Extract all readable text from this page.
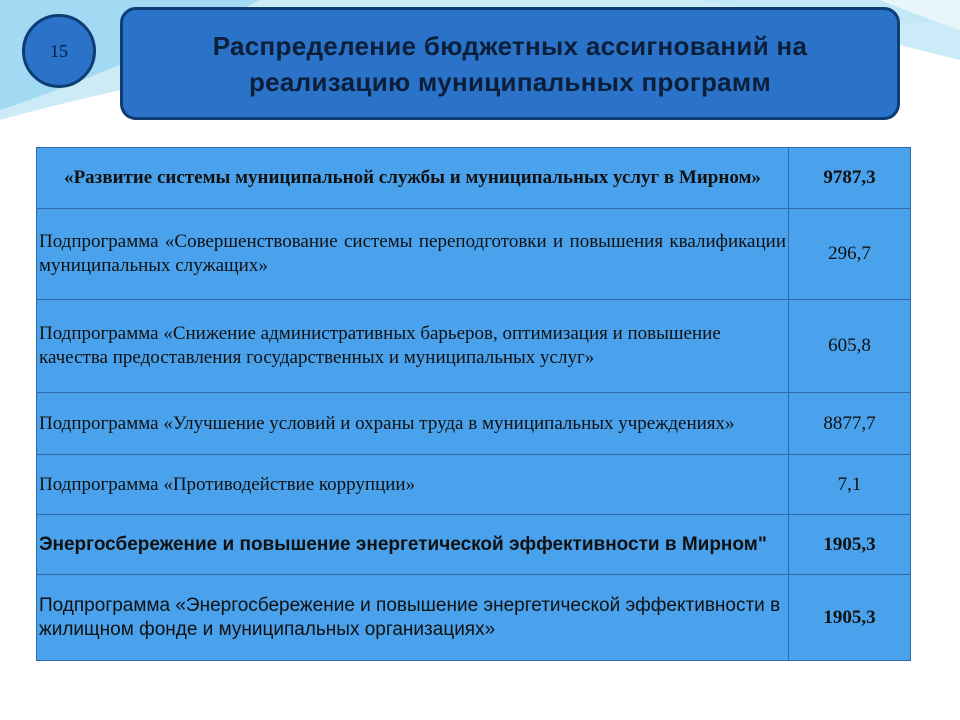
15	Распределение бюджетных ассигнований на реализацию муниципальных программ
«Развитие системы муниципальной службы и муниципальных услуг в Мирном»	9787,3
Подпрограмма «Совершенствование системы переподготовки и повышения квалификации муниципальных служащих»	296,7
Подпрограмма «Снижение административных барьеров, оптимизация и повышение качества предоставления государственных и муниципальных услуг»	605,8
Подпрограмма «Улучшение условий и охраны труда в муниципальных учреждениях»	8877,7
Подпрограмма «Противодействие коррупции»	7,1
Энергосбережение и повышение энергетической эффективности в Мирном"	1905,3
Подпрограмма «Энергосбережение и повышение энергетической эффективности в жилищном фонде и муниципальных организациях»	1905,3
